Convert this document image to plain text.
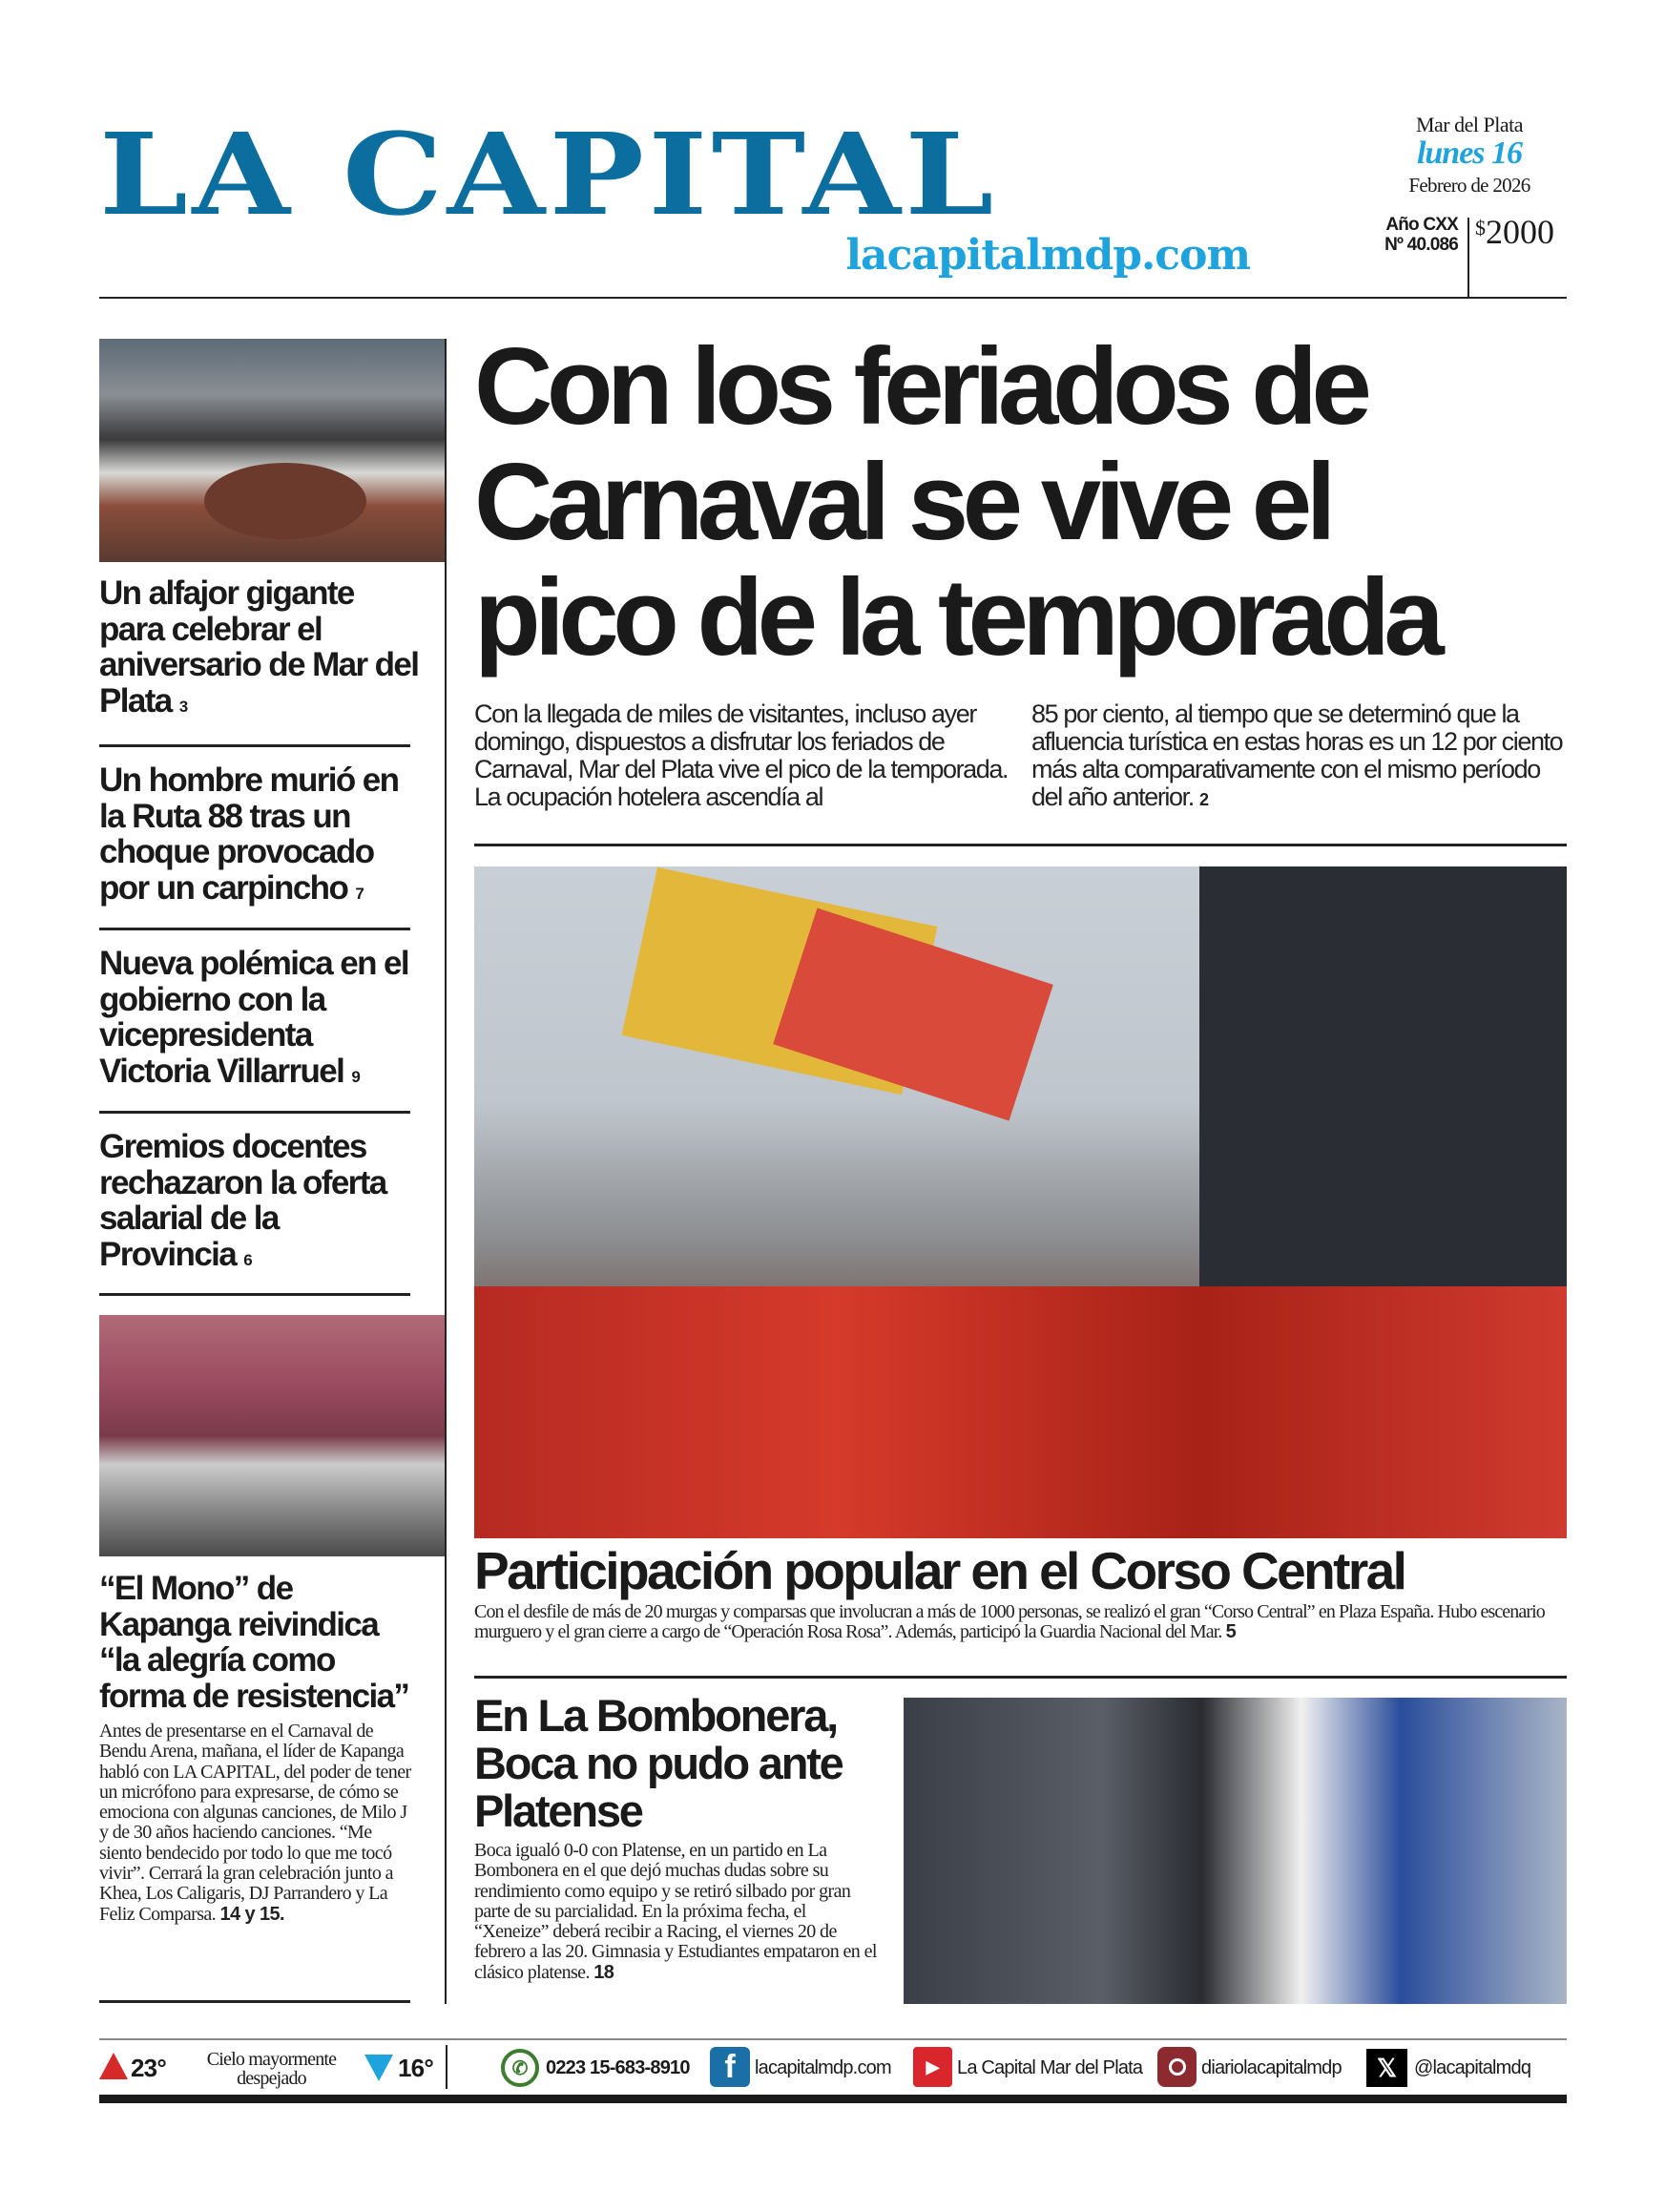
LA CAPITAL
lacapitalmdp.com
Mar del Plata
lunes 16
Febrero de 2026
Año CXX
Nº 40.086
$2000
Un alfajor gigante para celebrar el aniversario de Mar del Plata 3
Un hombre murió en la Ruta 88 tras un choque provocado por un carpincho 7
Nueva polémica en el gobierno con la vicepresidenta Victoria Villarruel 9
Gremios docentes rechazaron la oferta salarial de la Provincia 6
“El Mono” de Kapanga reivindica “la alegría como forma de resistencia”
Antes de presentarse en el Carnaval de Bendu Arena, mañana, el líder de Kapanga habló con LA CAPITAL, del poder de tener un micrófono para expresarse, de cómo se emociona con algunas canciones, de Milo J y de 30 años haciendo canciones. “Me siento bendecido por todo lo que me tocó vivir”. Cerrará la gran celebración junto a Khea, Los Caligaris, DJ Parrandero y La Feliz Comparsa. 14 y 15.
Con los feriados de
Carnaval se vive el
pico de la temporada
Con la llegada de miles de visitantes, incluso ayer domingo, dispuestos a disfrutar los feriados de Carnaval, Mar del Plata vive el pico de la temporada. La ocupación hotelera ascendía al
85 por ciento, al tiempo que se determinó que la afluencia turística en estas horas es un 12 por ciento más alta comparativamente con el mismo período del año anterior. 2
Participación popular en el Corso Central
Con el desfile de más de 20 murgas y comparsas que involucran a más de 1000 personas, se realizó el gran “Corso Central” en Plaza España. Hubo escenario murguero y el gran cierre a cargo de “Operación Rosa Rosa”. Además, participó la Guardia Nacional del Mar. 5
En La Bombonera, Boca no pudo ante Platense
Boca igualó 0-0 con Platense, en un partido en La Bombonera en el que dejó muchas dudas sobre su rendimiento como equipo y se retiró silbado por gran parte de su parcialidad. En la próxima fecha, el “Xeneize” deberá recibir a Racing, el viernes 20 de febrero a las 20. Gimnasia y Estudiantes empataron en el clásico platense. 18
23°	Cielo mayormente despejado	16°	✆ 0223 15-683-8910	f	lacapitalmdp.com	▶ La Capital Mar del Plata	diariolacapitalmdp	𝕏 @lacapitalmdq
